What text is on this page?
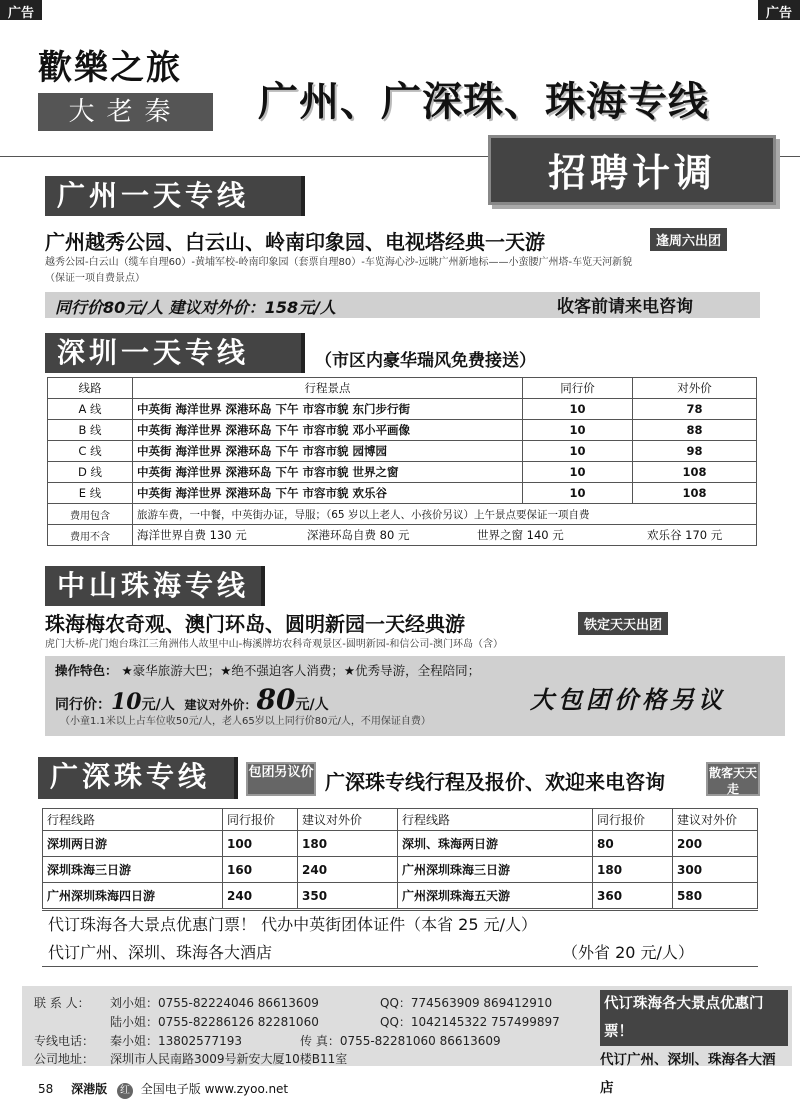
广告	广告
歡樂之旅
大老秦	广州、广深珠、珠海专线
招聘计调
广州一天专线
广州越秀公园、白云山、岭南印象园、电视塔经典一天游	逢周六出团
越秀公园-白云山（缆车自理60）-黄埔军校-岭南印象园（套票自理80）-车览海心沙-远眺广州新地标——小蛮腰广州塔-车览天河新貌
（保证一项自费景点）
同行价80元/人 建议对外价：158元/人	收客前请来电咨询
深圳一天专线	（市区内豪华瑞风免费接送）
线路	行程景点	同行价	对外价
A 线	中英街 海洋世界 深港环岛 下午 市容市貌 东门步行街	10	78
B 线	中英街 海洋世界 深港环岛 下午 市容市貌 邓小平画像	10	88
C 线	中英街 海洋世界 深港环岛 下午 市容市貌 园博园	10	98
D 线	中英街 海洋世界 深港环岛 下午 市容市貌 世界之窗	10	108
E 线	中英街 海洋世界 深港环岛 下午 市容市貌 欢乐谷	10	108
费用包含	旅游车费，一中餐，中英街办证，导服；（65 岁以上老人、小孩价另议）上午景点要保证一项自费		
费用不含	海洋世界自费 130 元 深港环岛自费 80 元 世界之窗 140 元 欢乐谷 170 元		
中山珠海专线
珠海梅农奇观、澳门环岛、圆明新园一天经典游	铁定天天出团
虎门大桥-虎门炮台珠江三角洲伟人故里中山-梅溪牌坊农科奇观景区-圆明新园-和信公司-澳门环岛（含）
操作特色： ★豪华旅游大巴；★绝不强迫客人消费；★优秀导游，全程陪同；
同行价：10元/人 建议对外价：80元/人	大包团价格另议
（小童1.1米以上占车位收50元/人，老人65岁以上同行价80元/人，不用保证自费）
广深珠专线	包团另议价 广深珠专线行程及报价、欢迎来电咨询	散客天天走
行程线路	同行报价	建议对外价	行程线路	同行报价	建议对外价
深圳两日游	100	180	深圳、珠海两日游	80	200
深圳珠海三日游	160	240	广州深圳珠海三日游	180	300
广州深圳珠海四日游	240	350	广州深圳珠海五天游	360	580
代订珠海各大景点优惠门票！ 代办中英街团体证件（本省 25 元/人）
代订广州、深圳、珠海各大酒店	（外省 20 元/人）
联 系 人： 刘小姐：0755-82224046 86613609	QQ：774563909 869412910
陆小姐：0755-82286126 82281060	QQ：1042145322 757499897
专线电话： 秦小姐：13802577193	传 真：0755-82281060 86613609
公司地址： 深圳市人民南路3009号新安大厦10楼B11室
代订珠海各大景点优惠门票！
代订广州、深圳、珠海各大酒店
58 深港版 红 全国电子版 www.zyoo.net
